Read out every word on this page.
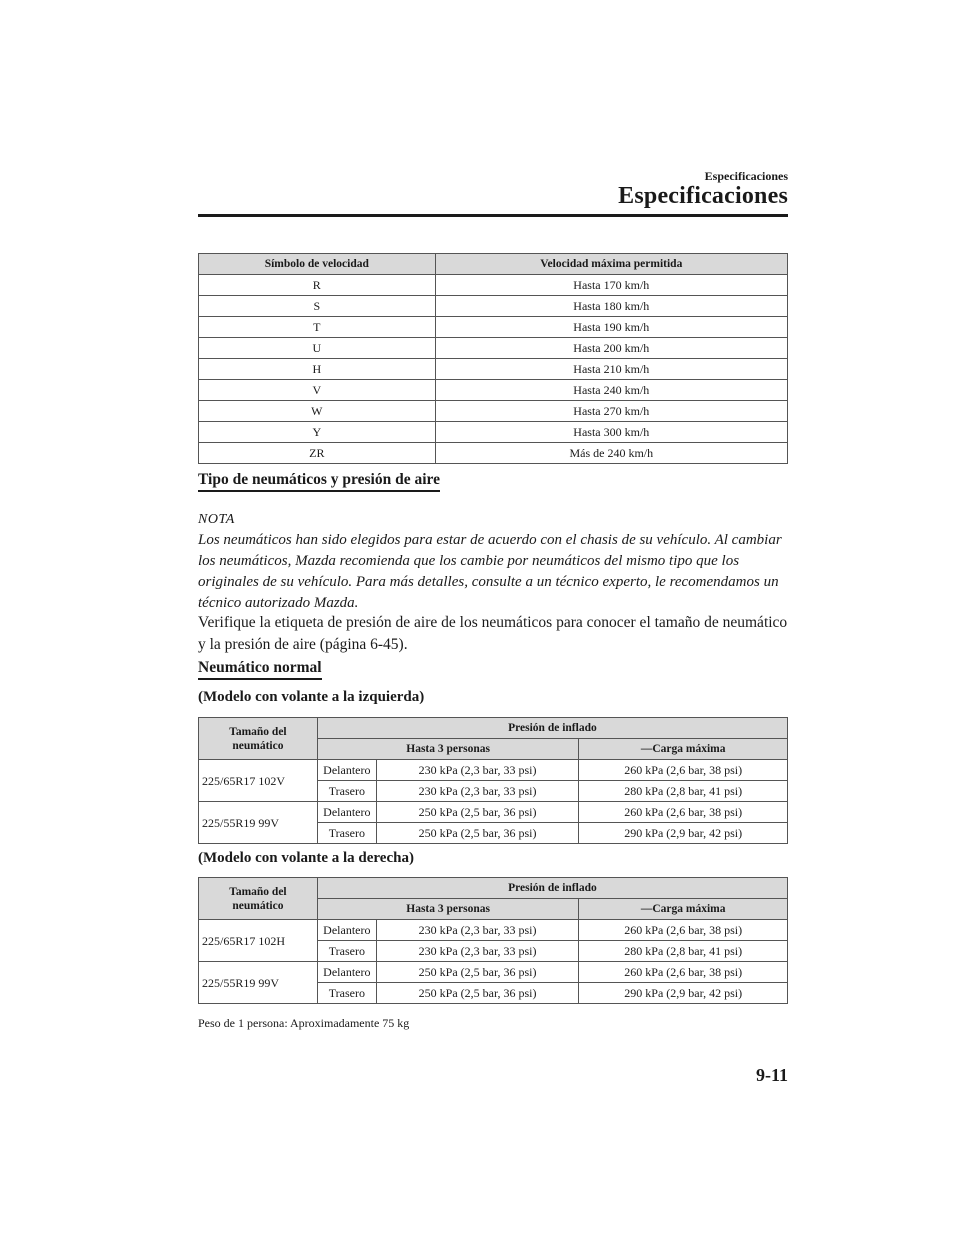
Especificaciones
Especificaciones
Símbolo de velocidad	Velocidad máxima permitida
R	Hasta 170 km/h
S	Hasta 180 km/h
T	Hasta 190 km/h
U	Hasta 200 km/h
H	Hasta 210 km/h
V	Hasta 240 km/h
W	Hasta 270 km/h
Y	Hasta 300 km/h
ZR	Más de 240 km/h
Tipo de neumáticos y presión de aire
NOTA
Los neumáticos han sido elegidos para estar de acuerdo con el chasis de su vehículo. Al cambiar los neumáticos, Mazda recomienda que los cambie por neumáticos del mismo tipo que los originales de su vehículo. Para más detalles, consulte a un técnico experto, le recomendamos un técnico autorizado Mazda.
Verifique la etiqueta de presión de aire de los neumáticos para conocer el tamaño de neumático y la presión de aire (página 6-45).
Neumático normal
(Modelo con volante a la izquierda)
Tamaño del neumático	Presión de inflado		
	Hasta 3 personas		—Carga máxima
225/65R17 102V	Delantero	230 kPa (2,3 bar, 33 psi)	260 kPa (2,6 bar, 38 psi)
	Trasero	230 kPa (2,3 bar, 33 psi)	280 kPa (2,8 bar, 41 psi)
225/55R19 99V	Delantero	250 kPa (2,5 bar, 36 psi)	260 kPa (2,6 bar, 38 psi)
	Trasero	250 kPa (2,5 bar, 36 psi)	290 kPa (2,9 bar, 42 psi)
(Modelo con volante a la derecha)
Tamaño del neumático	Presión de inflado		
	Hasta 3 personas		—Carga máxima
225/65R17 102H	Delantero	230 kPa (2,3 bar, 33 psi)	260 kPa (2,6 bar, 38 psi)
	Trasero	230 kPa (2,3 bar, 33 psi)	280 kPa (2,8 bar, 41 psi)
225/55R19 99V	Delantero	250 kPa (2,5 bar, 36 psi)	260 kPa (2,6 bar, 38 psi)
	Trasero	250 kPa (2,5 bar, 36 psi)	290 kPa (2,9 bar, 42 psi)
Peso de 1 persona: Aproximadamente 75 kg
9-11
